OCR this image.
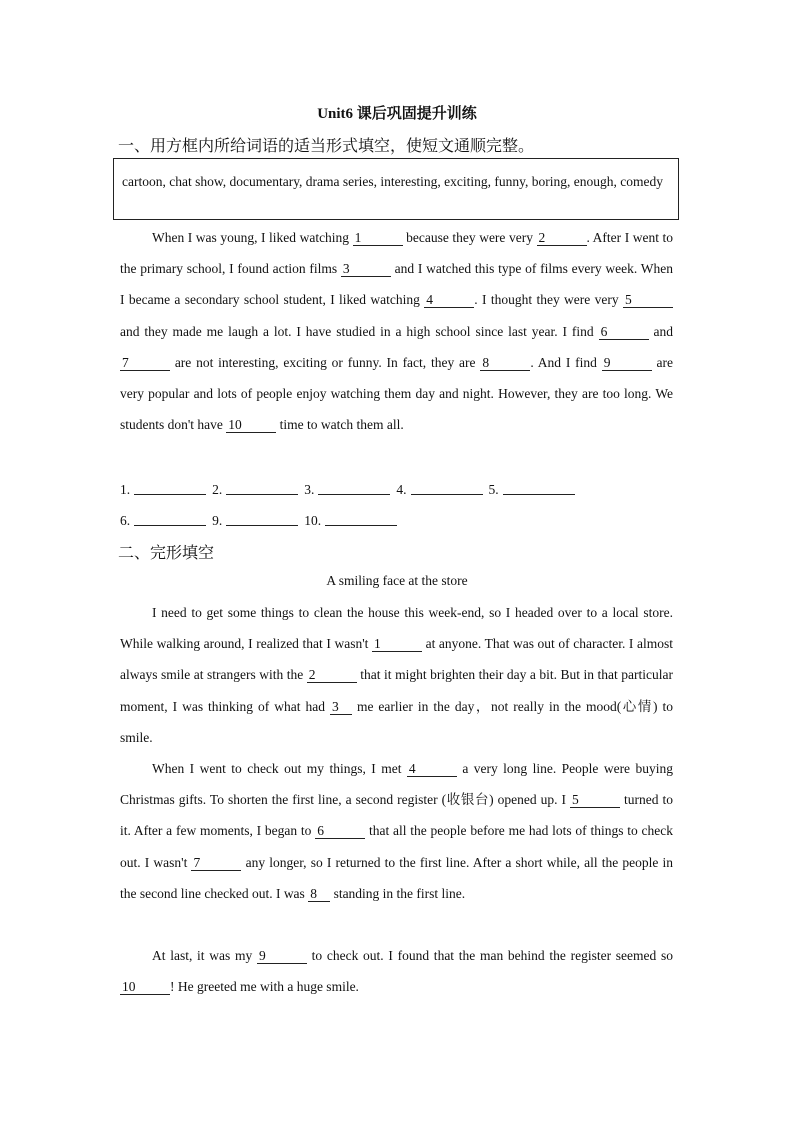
Unit6 课后巩固提升训练
一、用方框内所给词语的适当形式填空，使短文通顺完整。
cartoon, chat show, documentary, drama series, interesting, exciting, funny, boring, enough, comedy

When I was young, I liked watching 1	because they were very 2	. After I went to the primary school, I found action films 3	and I watched this type of films every week. When I became a secondary school student, I liked watching 4	. I thought they were very 5 and they made me laugh a lot. I have studied in a high school since last year. I find 6	and 7	are not interesting, exciting or funny. In fact, they are 8	. And I find 9	are very popular and lots of people enjoy watching them day and night. However, they are too long. We students don't have 10	time to watch them all.

1.	2.	3.	4.	5.
6.	9.	10.
二、完形填空
A smiling face at the store

I need to get some things to clean the house this week-end, so I headed over to a local store. While walking around, I realized that I wasn't 1	at anyone. That was out of character. I almost always smile at strangers with the 2	that it might brighten their day a bit. But in that particular moment, I was thinking of what had 3 me earlier in the day，not really in the mood(心情) to smile.

When I went to check out my things, I met 4	a very long line. People were buying Christmas gifts. To shorten the first line, a second register (收银台) opened up. I 5	turned to it. After a few moments, I began to 6	that all the people before me had lots of things to check out. I wasn't 7	any longer, so I returned to the first line. After a short while, all the people in the second line checked out. I was 8 standing in the first line.

At last, it was my 9	to check out. I found that the man behind the register seemed so 10	! He greeted me with a huge smile.
